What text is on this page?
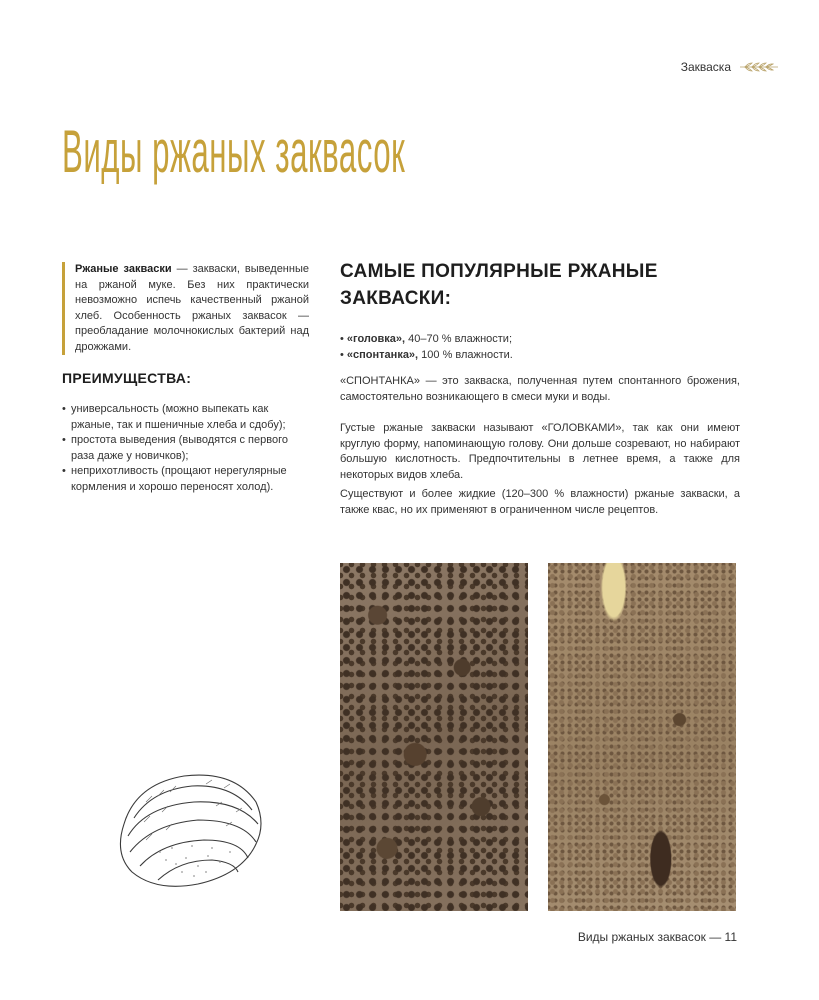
Закваска
Виды ржаных заквасок
Ржаные закваски — закваски, выведенные на ржаной муке. Без них практически невозможно испечь качественный ржаной хлеб. Особенность ржаных заквасок — преобладание молочнокислых бактерий над дрожжами.
ПРЕИМУЩЕСТВА:
• универсальность (можно выпекать как ржаные, так и пшеничные хлеба и сдобу);
• простота выведения (выводятся с первого раза даже у новичков);
• неприхотливость (прощают нерегулярные кормления и хорошо переносят холод).
САМЫЕ ПОПУЛЯРНЫЕ РЖАНЫЕ ЗАКВАСКИ:
• «головка», 40–70 % влажности;
• «спонтанка», 100 % влажности.

«СПОНТАНКА» — это закваска, полученная путем спонтанного брожения, самостоятельно возникающего в смеси муки и воды.

Густые ржаные закваски называют «ГОЛОВКАМИ», так как они имеют круглую форму, напоминающую голову. Они дольше созревают, но набирают большую кислотность. Предпочтительны в летнее время, а также для некоторых видов хлеба.

Существуют и более жидкие (120–300 % влажности) ржаные закваски, а также квас, но их применяют в ограниченном числе рецептов.

Виды ржаных заквасок — 11
